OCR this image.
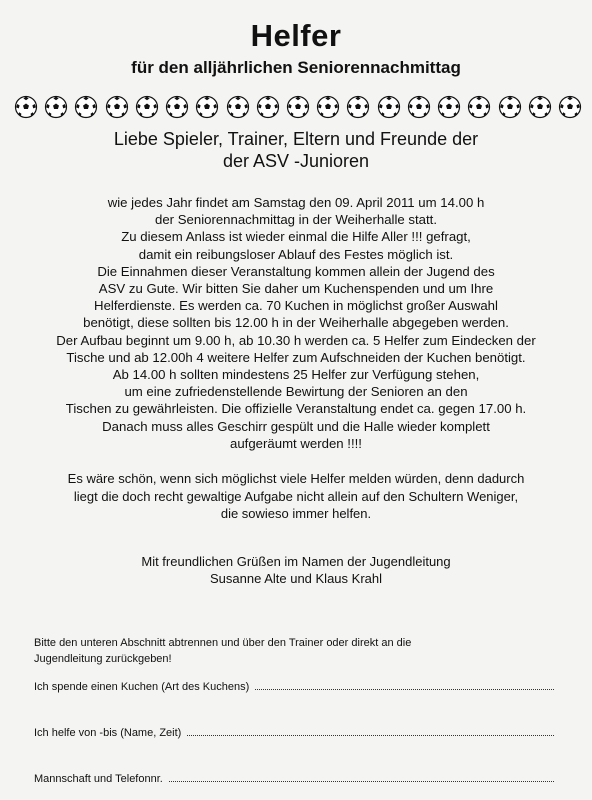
Helfer
für den alljährlichen Seniorennachmittag
Liebe Spieler, Trainer, Eltern und Freunde der
der ASV -Junioren
wie jedes Jahr findet am Samstag den 09. April 2011 um 14.00 h
der Seniorennachmittag in der Weiherhalle statt.
Zu diesem Anlass ist wieder einmal die Hilfe Aller !!! gefragt,
damit ein reibungsloser Ablauf des Festes möglich ist.
Die Einnahmen dieser Veranstaltung kommen allein der Jugend des
ASV zu Gute. Wir bitten Sie daher um Kuchenspenden und um Ihre
Helferdienste. Es werden ca. 70 Kuchen in möglichst großer Auswahl
benötigt, diese sollten bis 12.00 h in der Weiherhalle abgegeben werden.
Der Aufbau beginnt um 9.00 h, ab 10.30 h werden ca. 5 Helfer zum Eindecken der
Tische und ab 12.00h 4 weitere Helfer zum Aufschneiden der Kuchen benötigt.
Ab 14.00 h sollten mindestens 25 Helfer zur Verfügung stehen,
um eine zufriedenstellende Bewirtung der Senioren an den
Tischen zu gewährleisten. Die offizielle Veranstaltung endet ca. gegen 17.00 h.
Danach muss alles Geschirr gespült und die Halle wieder komplett
aufgeräumt werden !!!!
Es wäre schön, wenn sich möglichst viele Helfer melden würden, denn dadurch
liegt die doch recht gewaltige Aufgabe nicht allein auf den Schultern Weniger,
die sowieso immer helfen.
Mit freundlichen Grüßen im Namen der Jugendleitung
Susanne Alte und Klaus Krahl
Bitte den unteren Abschnitt abtrennen und über den Trainer oder direkt an die
Jugendleitung zurückgeben!
Ich spende einen Kuchen (Art des Kuchens)
Ich helfe von -bis (Name, Zeit)
Mannschaft und Telefonnr.
